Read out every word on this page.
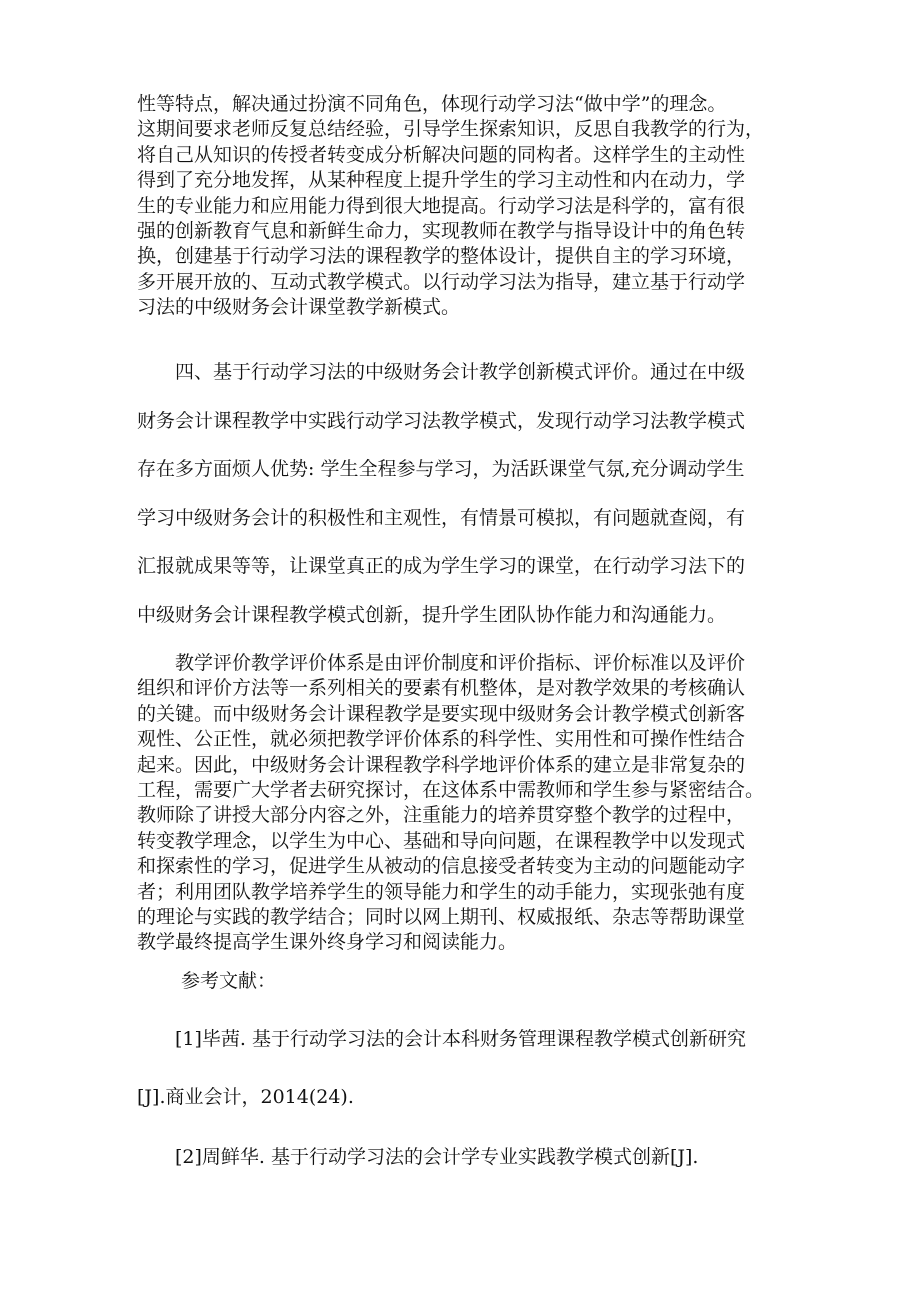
性等特点，解决通过扮演不同角色，体现行动学习法“做中学”的理念。
这期间要求老师反复总结经验，引导学生探索知识，反思自我教学的行为，
将自己从知识的传授者转变成分析解决问题的同构者。这样学生的主动性
得到了充分地发挥，从某种程度上提升学生的学习主动性和内在动力，学
生的专业能力和应用能力得到很大地提高。行动学习法是科学的，富有很
强的创新教育气息和新鲜生命力，实现教师在教学与指导设计中的角色转
换，创建基于行动学习法的课程教学的整体设计，提供自主的学习环境，
多开展开放的、互动式教学模式。以行动学习法为指导，建立基于行动学
习法的中级财务会计课堂教学新模式。
　　四、基于行动学习法的中级财务会计教学创新模式评价。通过在中级
财务会计课程教学中实践行动学习法教学模式，发现行动学习法教学模式
存在多方面烦人优势: 学生全程参与学习，为活跃课堂气氛,充分调动学生
学习中级财务会计的积极性和主观性，有情景可模拟，有问题就查阅，有
汇报就成果等等，让课堂真正的成为学生学习的课堂，在行动学习法下的
中级财务会计课程教学模式创新，提升学生团队协作能力和沟通能力。
　　教学评价教学评价体系是由评价制度和评价指标、评价标准以及评价
组织和评价方法等一系列相关的要素有机整体，是对教学效果的考核确认
的关键。而中级财务会计课程教学是要实现中级财务会计教学模式创新客
观性、公正性，就必须把教学评价体系的科学性、实用性和可操作性结合
起来。因此，中级财务会计课程教学科学地评价体系的建立是非常复杂的
工程，需要广大学者去研究探讨，在这体系中需教师和学生参与紧密结合。
教师除了讲授大部分内容之外，注重能力的培养贯穿整个教学的过程中，
转变教学理念，以学生为中心、基础和导向问题，在课程教学中以发现式
和探索性的学习，促进学生从被动的信息接受者转变为主动的问题能动字
者；利用团队教学培养学生的领导能力和学生的动手能力，实现张弛有度
的理论与实践的教学结合；同时以网上期刊、权威报纸、杂志等帮助课堂
教学最终提高学生课外终身学习和阅读能力。
参考文献：
　　[1]毕茜. 基于行动学习法的会计本科财务管理课程教学模式创新研究
[J].商业会计，2014(24).
　　[2]周鲜华. 基于行动学习法的会计学专业实践教学模式创新[J].
